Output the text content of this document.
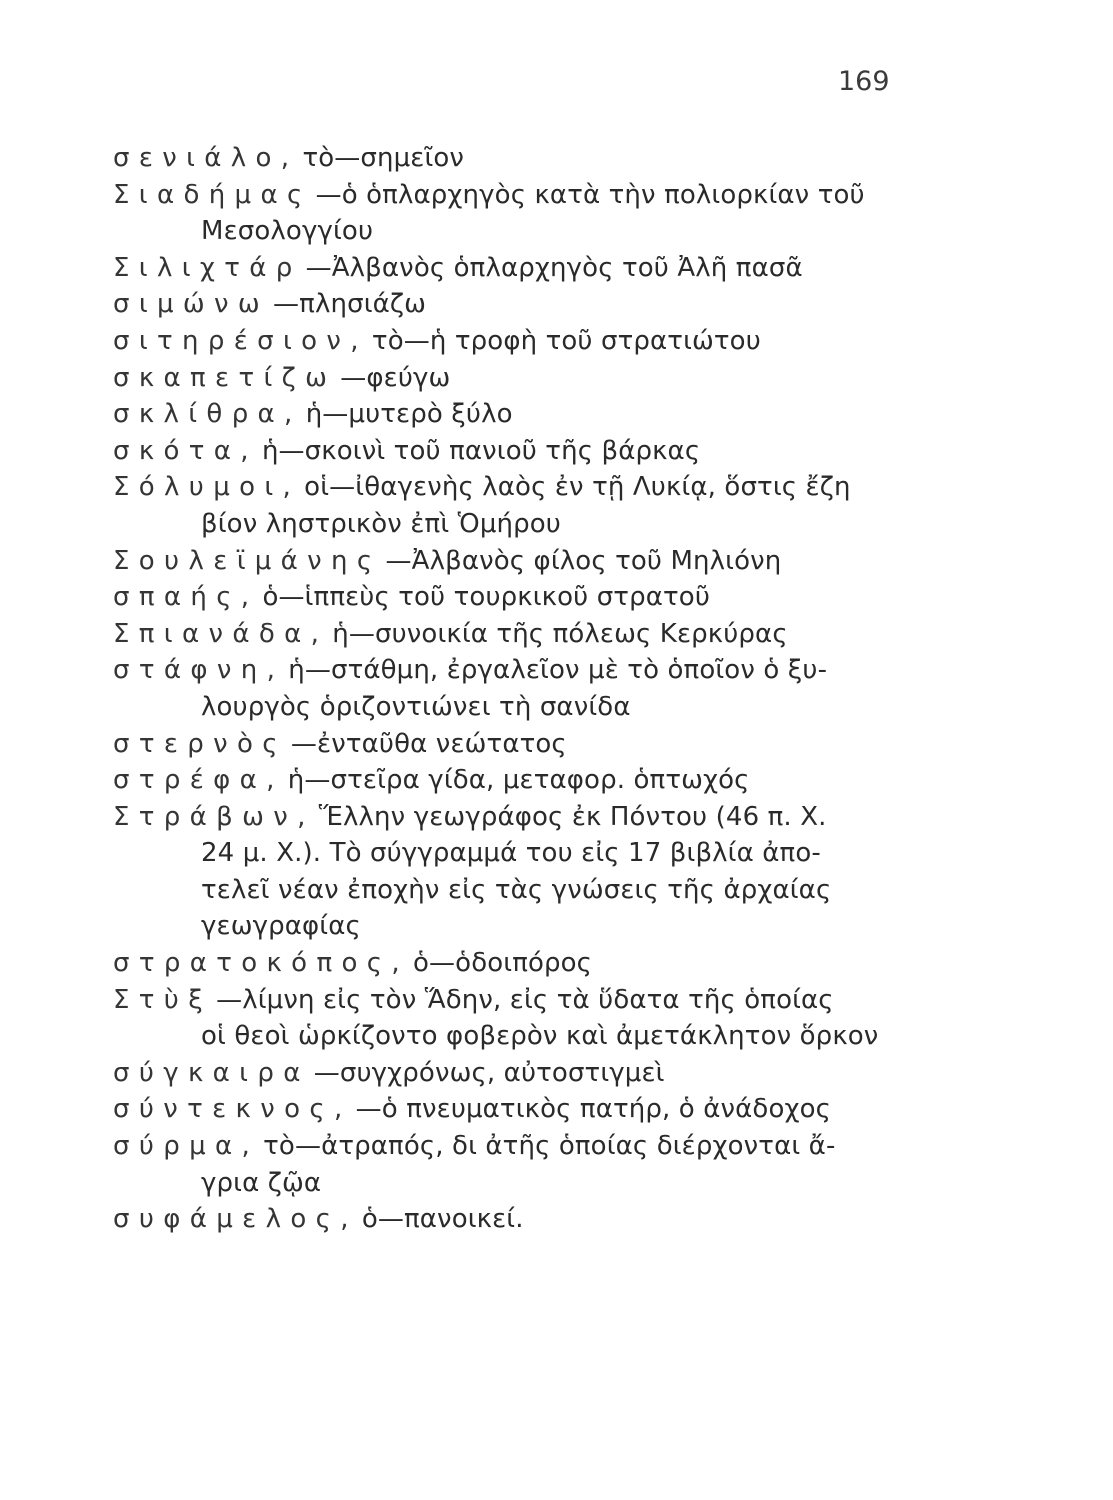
169
σενιάλο, τὸ—σημεῖον
Σιαδήμας —ὁ ὁπλαρχηγὸς κατὰ τὴν πολιορκίαν τοῦ
Μεσολογγίου
Σιλιχτάρ —Ἀλβανὸς ὁπλαρχηγὸς τοῦ Ἀλῆ πασᾶ
σιμώνω —πλησιάζω
σιτηρέσιον, τὸ—ἡ τροφὴ τοῦ στρατιώτου
σκαπετίζω —φεύγω
σκλίθρα, ἡ—μυτερὸ ξύλο
σκότα, ἡ—σκοινὶ τοῦ πανιοῦ τῆς βάρκας
Σόλυμοι, οἱ—ἰθαγενὴς λαὸς ἐν τῇ Λυκίᾳ, ὅστις ἔζη
βίον ληστρικὸν ἐπὶ Ὁμήρου
Σουλεϊμάνης —Ἀλβανὸς φίλος τοῦ Μηλιόνη
σπαής, ὁ—ἱππεὺς τοῦ τουρκικοῦ στρατοῦ
Σπιανάδα, ἡ—συνοικία τῆς πόλεως Κερκύρας
στάφνη, ἡ—στάθμη, ἐργαλεῖον μὲ τὸ ὁποῖον ὁ ξυ-
λουργὸς ὁριζοντιώνει τὴ σανίδα
στερνὸς —ἐνταῦθα νεώτατος
στρέφα, ἡ—στεῖρα γίδα, μεταφορ. ὁπτωχός
Στράβων, Ἕλλην γεωγράφος ἐκ Πόντου (46 π. Χ.
24 μ. Χ.). Τὸ σύγγραμμά του εἰς 17 βιβλία ἀπο-
τελεῖ νέαν ἐποχὴν εἰς τὰς γνώσεις τῆς ἀρχαίας
γεωγραφίας
στρατοκόπος, ὁ—ὁδοιπόρος
Στὺξ —λίμνη εἰς τὸν Ἅδην, εἰς τὰ ὕδατα τῆς ὁποίας
οἱ θεοὶ ὡρκίζοντο φοβερὸν καὶ ἀμετάκλητον ὅρκον
σύγκαιρα —συγχρόνως, αὐτοστιγμεὶ
σύντεκνος, —ὁ πνευματικὸς πατήρ, ὁ ἀνάδοχος
σύρμα, τὸ—ἀτραπός, δι ἀτῆς ὁποίας διέρχονται ἄ-
γρια ζῷα
συφάμελος, ὁ—πανοικεί.
